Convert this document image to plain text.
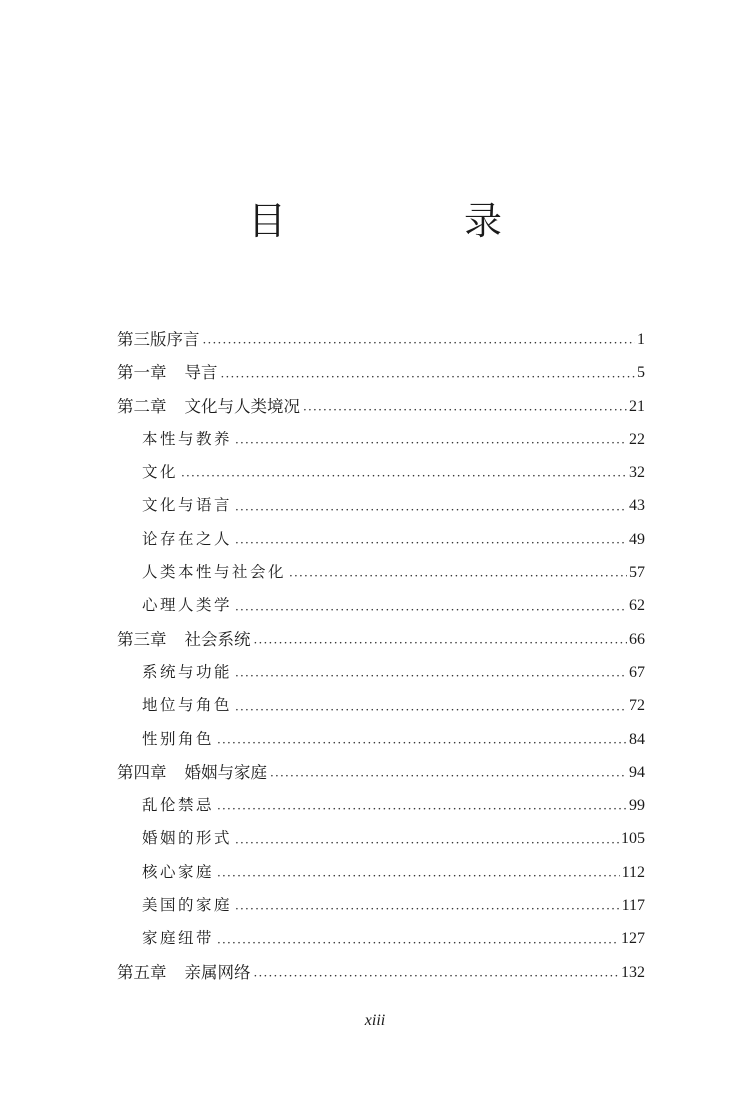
目　录
第三版序言 ·····	1
第一章 导言 ·····	5
第二章 文化与人类境况 ·····	21
本性与教养 ·····	22
文化 ·····	32
文化与语言 ·····	43
论存在之人 ·····	49
人类本性与社会化 ·····	57
心理人类学 ·····	62
第三章 社会系统 ·····	66
系统与功能 ·····	67
地位与角色 ·····	72
性别角色 ·····	84
第四章 婚姻与家庭 ·····	94
乱伦禁忌 ·····	99
婚姻的形式 ·····	105
核心家庭 ·····	112
美国的家庭 ·····	117
家庭纽带 ·····	127
第五章 亲属网络 ·····	132
xiii
